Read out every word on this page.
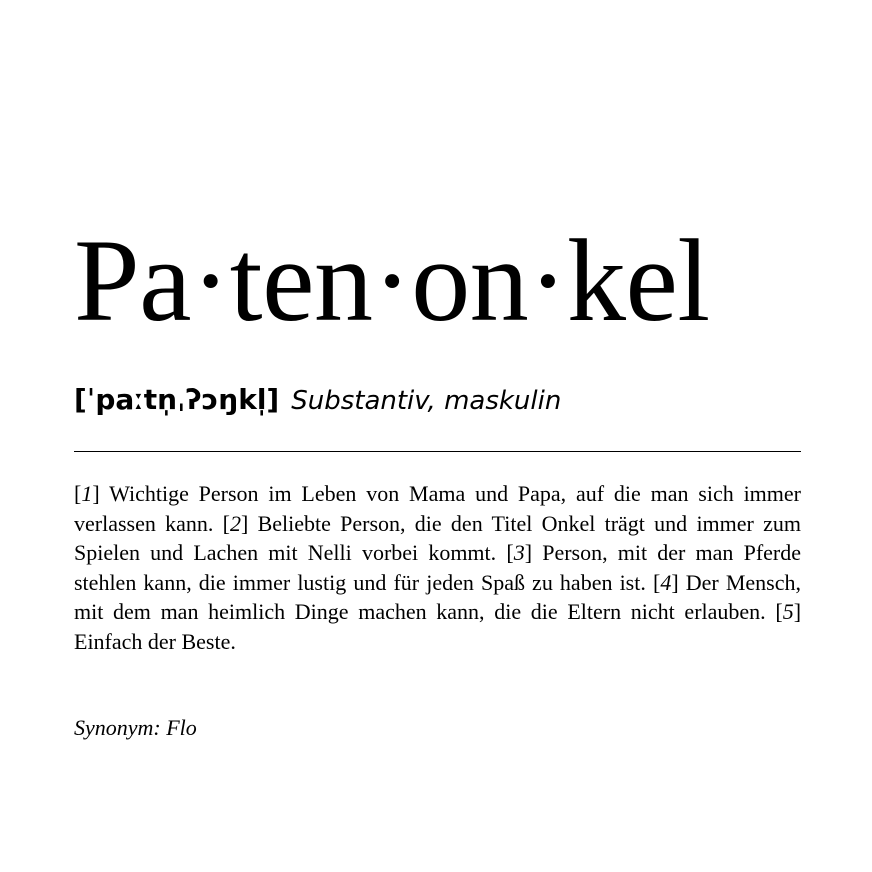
Pa·ten·on·kel
[ˈpaːtn̩ˌʔɔŋkl̩] Substantiv, maskulin
[1] Wichtige Person im Leben von Mama und Papa, auf die man sich immer verlassen kann. [2] Beliebte Person, die den Titel Onkel trägt und immer zum Spielen und Lachen mit Nelli vorbei kommt. [3] Person, mit der man Pferde stehlen kann, die immer lustig und für jeden Spaß zu haben ist. [4] Der Mensch, mit dem man heimlich Dinge machen kann, die die Eltern nicht erlauben. [5] Einfach der Beste.
Synonym: Flo
